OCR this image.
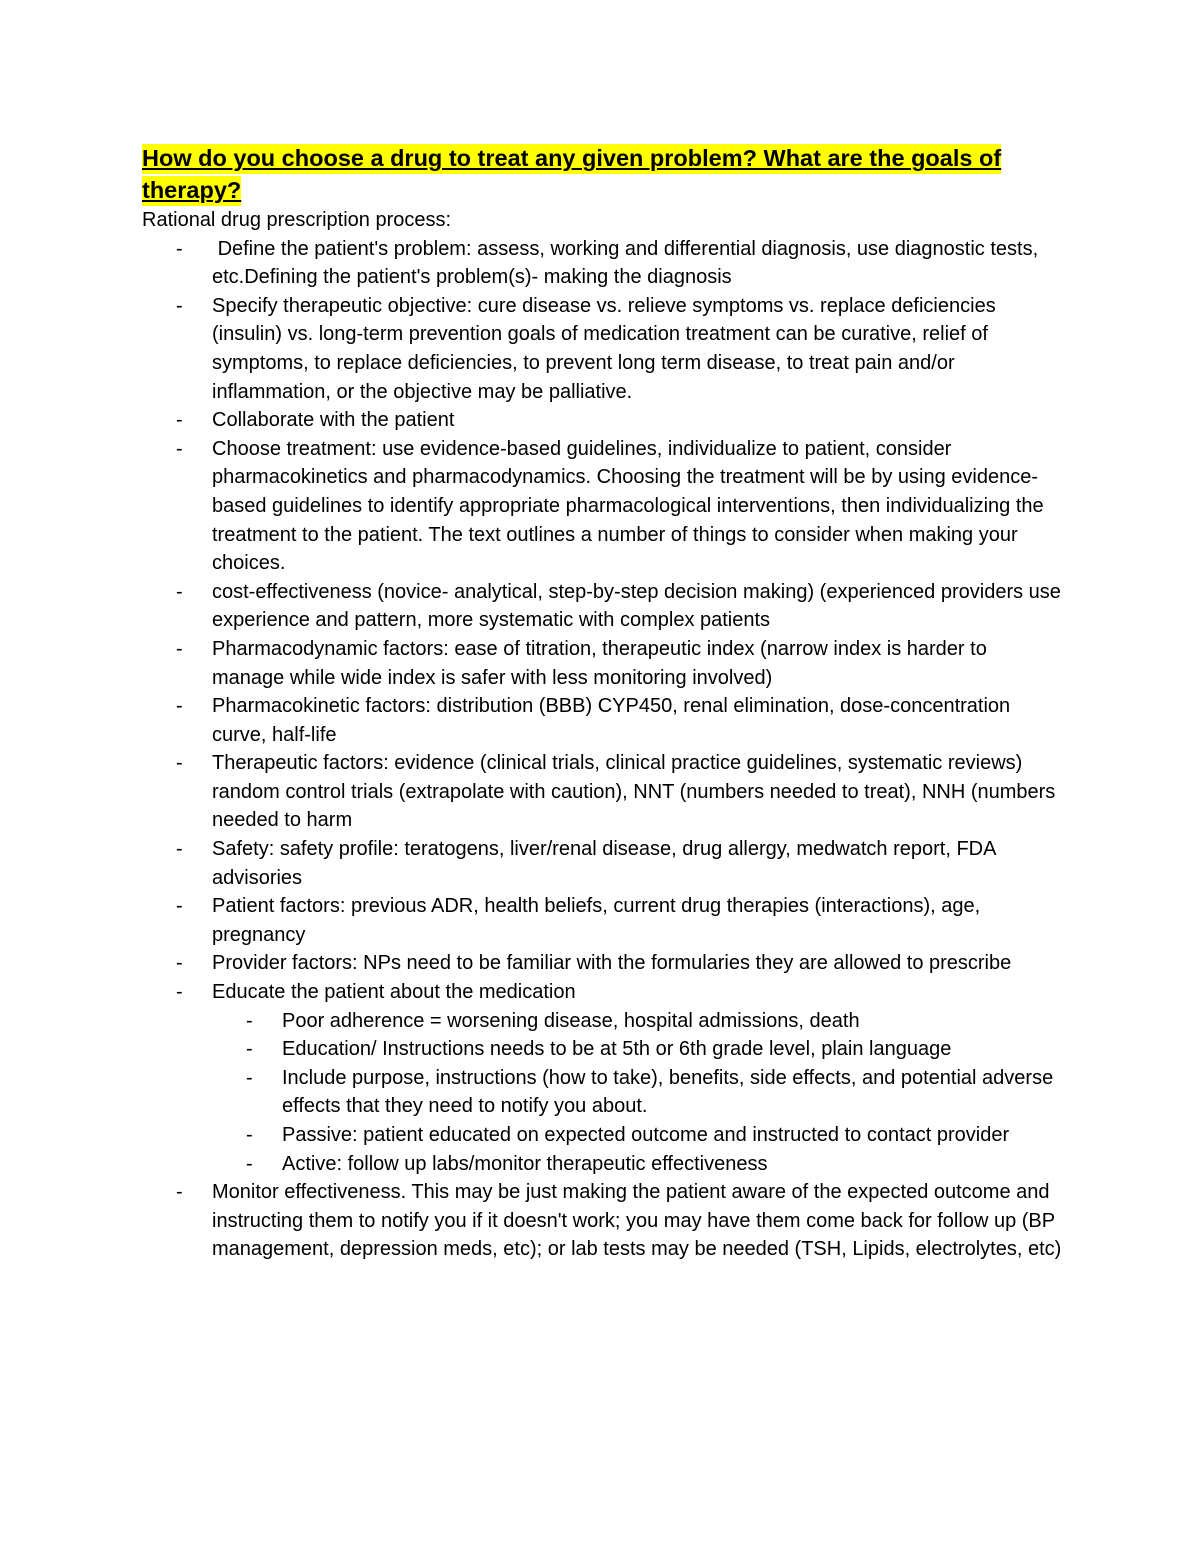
How do you choose a drug to treat any given problem? What are the goals of therapy?

Rational drug prescription process:

- Define the patient's problem: assess, working and differential diagnosis, use diagnostic tests, etc.Defining the patient's problem(s)- making the diagnosis
- Specify therapeutic objective: cure disease vs. relieve symptoms vs. replace deficiencies (insulin) vs. long-term prevention goals of medication treatment can be curative, relief of symptoms, to replace deficiencies, to prevent long term disease, to treat pain and/or inflammation, or the objective may be palliative.
- Collaborate with the patient
- Choose treatment: use evidence-based guidelines, individualize to patient, consider pharmacokinetics and pharmacodynamics. Choosing the treatment will be by using evidence-based guidelines to identify appropriate pharmacological interventions, then individualizing the treatment to the patient. The text outlines a number of things to consider when making your choices.
- cost-effectiveness (novice- analytical, step-by-step decision making) (experienced providers use experience and pattern, more systematic with complex patients
- Pharmacodynamic factors: ease of titration, therapeutic index (narrow index is harder to manage while wide index is safer with less monitoring involved)
- Pharmacokinetic factors: distribution (BBB) CYP450, renal elimination, dose-concentration curve, half-life
- Therapeutic factors: evidence (clinical trials, clinical practice guidelines, systematic reviews) random control trials (extrapolate with caution), NNT (numbers needed to treat), NNH (numbers needed to harm
- Safety: safety profile: teratogens, liver/renal disease, drug allergy, medwatch report, FDA advisories
- Patient factors: previous ADR, health beliefs, current drug therapies (interactions), age, pregnancy
- Provider factors: NPs need to be familiar with the formularies they are allowed to prescribe
- Educate the patient about the medication
- Poor adherence = worsening disease, hospital admissions, death
- Education/ Instructions needs to be at 5th or 6th grade level, plain language
- Include purpose, instructions (how to take), benefits, side effects, and potential adverse effects that they need to notify you about.
- Passive: patient educated on expected outcome and instructed to contact provider
- Active: follow up labs/monitor therapeutic effectiveness
- Monitor effectiveness. This may be just making the patient aware of the expected outcome and instructing them to notify you if it doesn't work; you may have them come back for follow up (BP management, depression meds, etc); or lab tests may be needed (TSH, Lipids, electrolytes, etc)
